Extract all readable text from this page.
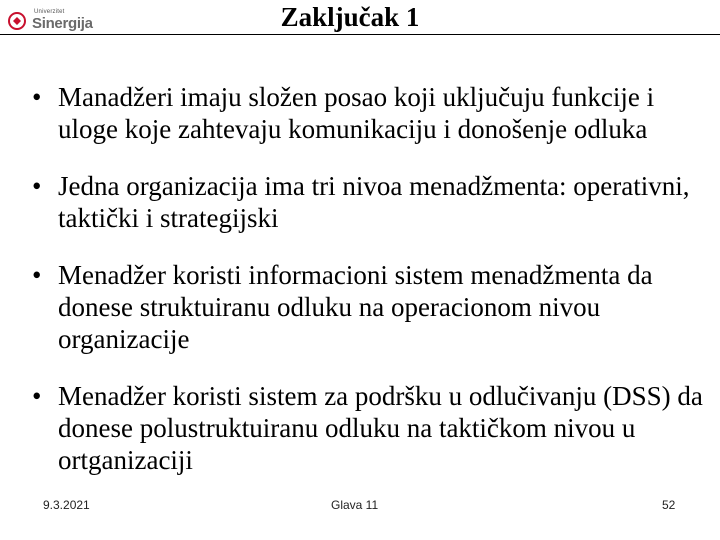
Univerzitet
Sinergija	Zaključak 1
• Manadžeri imaju složen posao koji uključuju funkcije i uloge koje zahtevaju komunikaciju i donošenje odluka
• Jedna organizacija ima tri nivoa menadžmenta: operativni, taktički i strategijski
• Menadžer koristi informacioni sistem menadžmenta da donese struktuiranu odluku na operacionom nivou organizacije
• Menadžer koristi sistem za podršku u odlučivanju (DSS) da donese polustruktuiranu odluku na taktičkom nivou u ortganizaciji
9.3.2021	Glava 11	52
